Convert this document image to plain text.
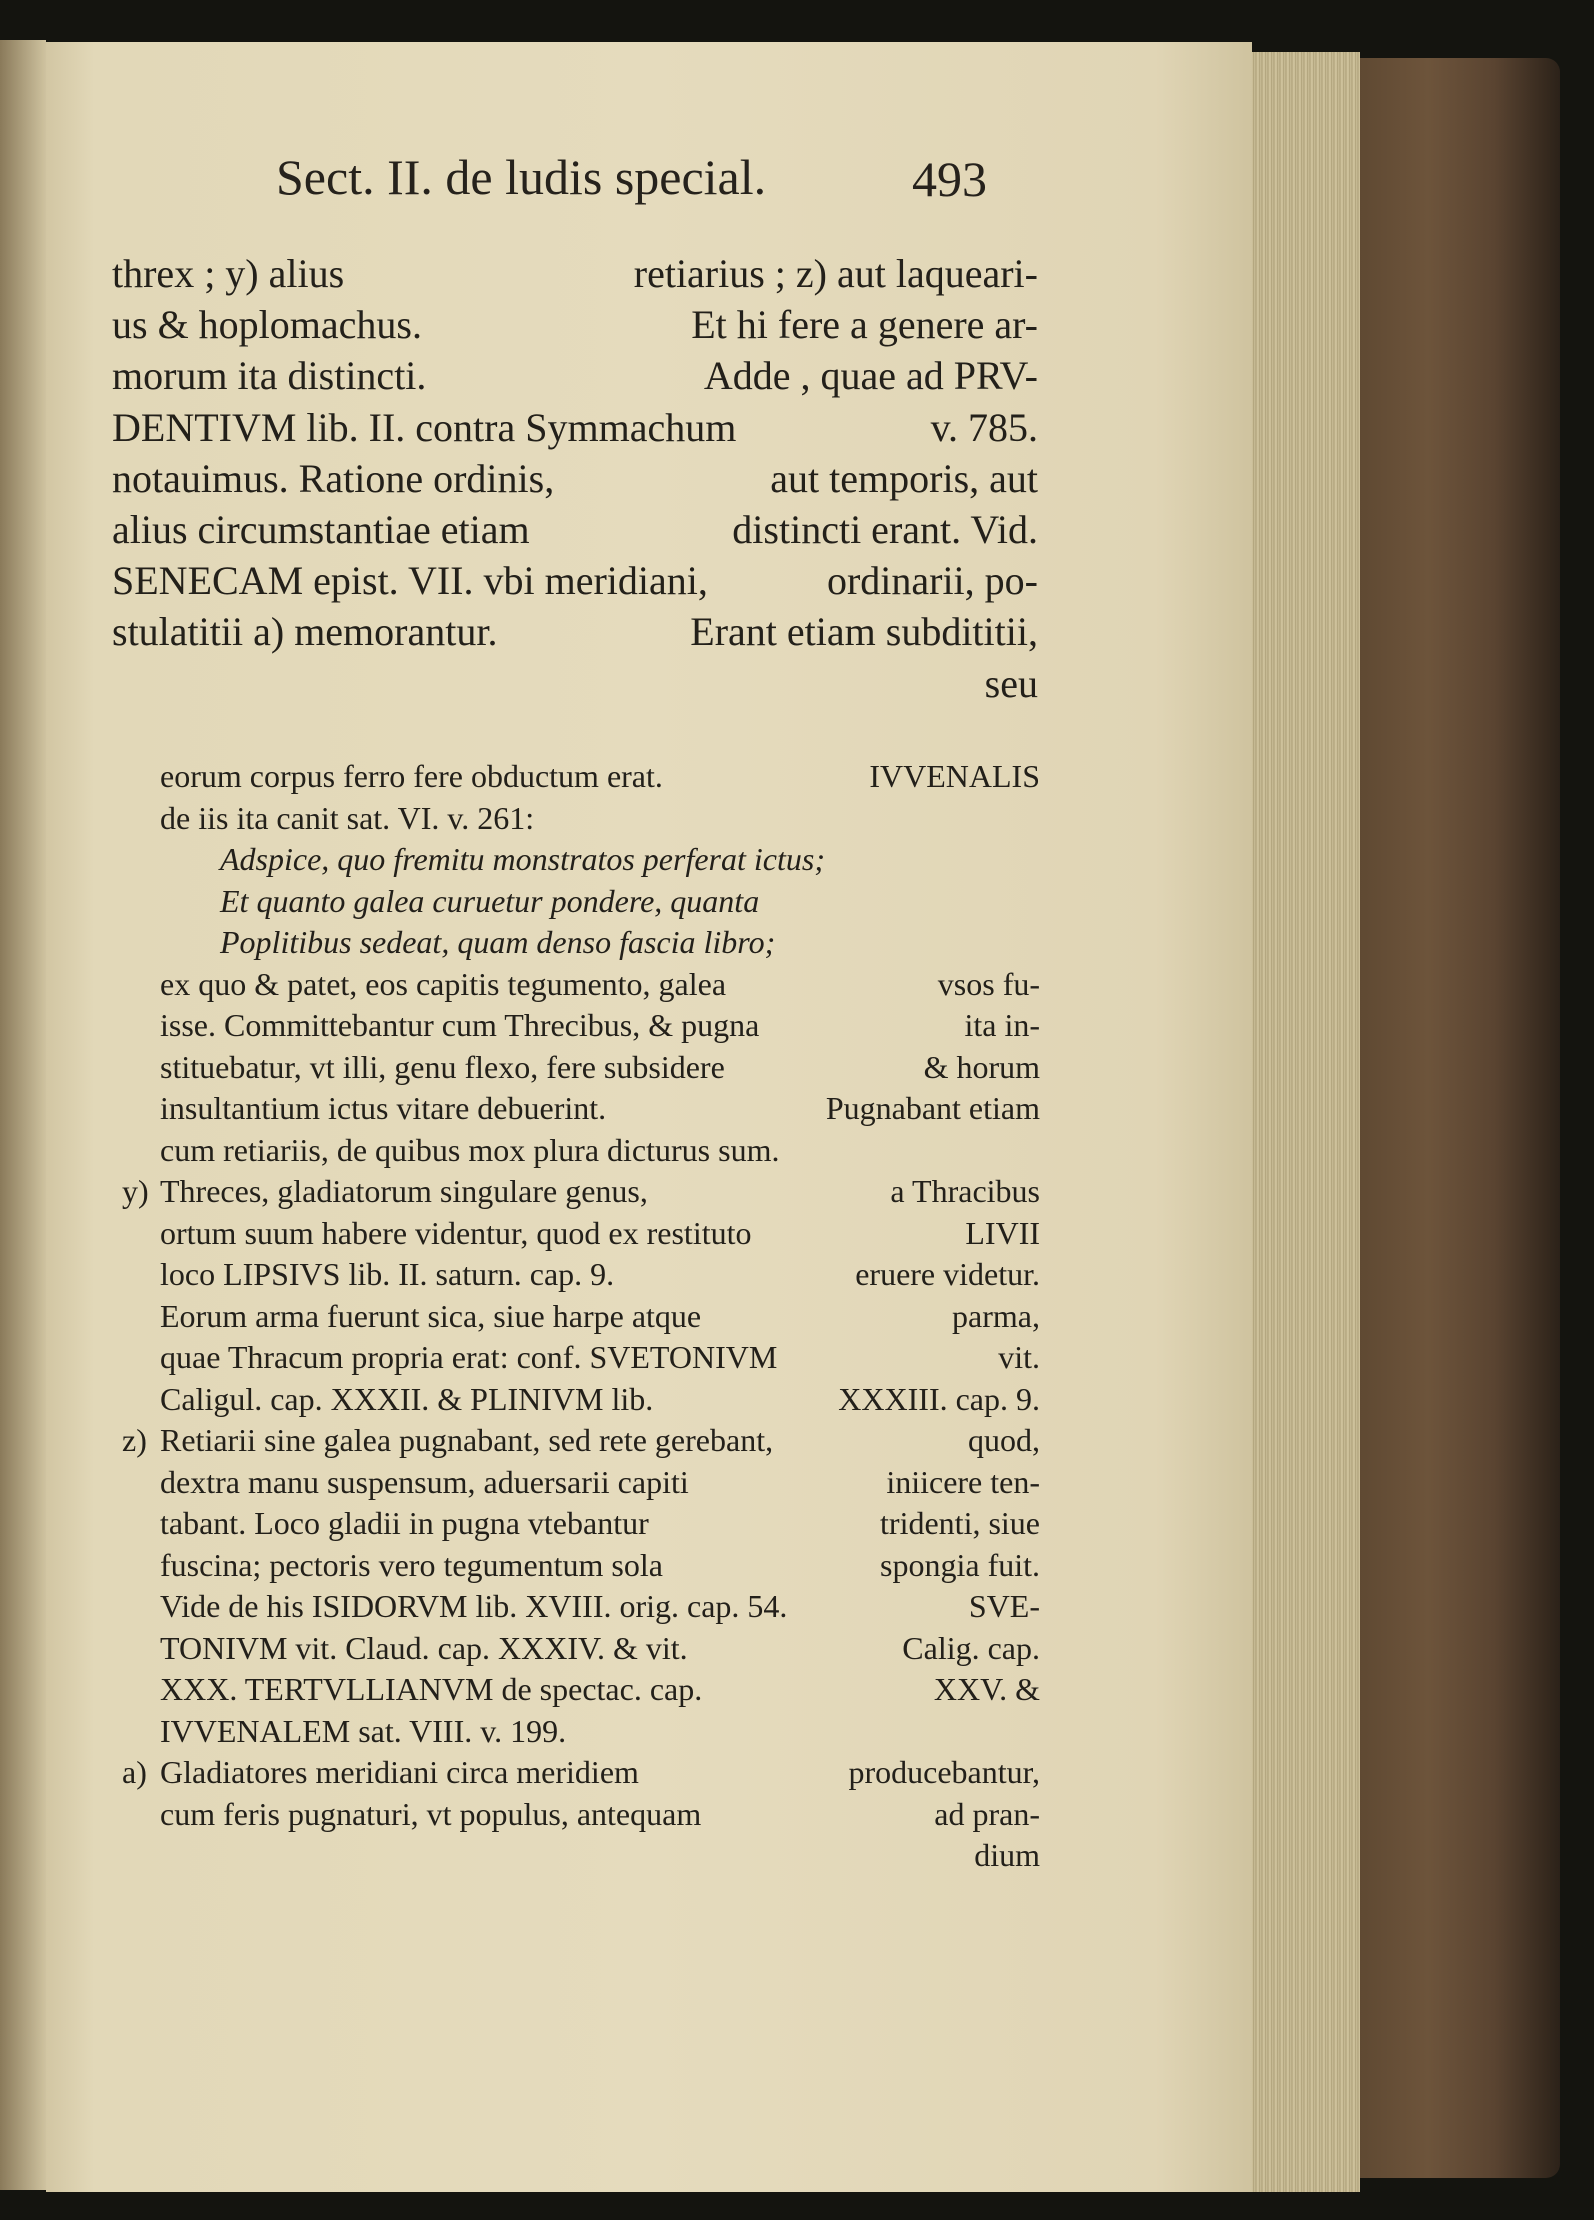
Sect. II. de ludis special.	493
threx ; y) alius	retiarius ; z) aut laqueari-
us & hoplomachus.	Et hi fere a genere ar-
morum ita distincti.	Adde , quae ad PRV-
DENTIVM lib. II. contra Symmachum	v. 785.
notauimus. Ratione ordinis,	aut temporis, aut
alius circumstantiae etiam	distincti erant. Vid.
SENECAM epist. VII. vbi meridiani,	ordinarii, po-
stulatitii a) memorantur.	Erant etiam subdititii,
seu
eorum corpus ferro fere obductum erat.	IVVENALIS
de iis ita canit sat. VI. v. 261:
Adspice, quo fremitu monstratos perferat ictus;
Et quanto galea curuetur pondere, quanta
Poplitibus sedeat, quam denso fascia libro;
ex quo & patet, eos capitis tegumento, galea	vsos fu-
isse. Committebantur cum Threcibus, & pugna	ita in-
stituebatur, vt illi, genu flexo, fere subsidere	& horum
insultantium ictus vitare debuerint.	Pugnabant etiam
cum retiariis, de quibus mox plura dicturus sum.
y) Threces, gladiatorum singulare genus,	a Thracibus
ortum suum habere videntur, quod ex restituto	LIVII
loco LIPSIVS lib. II. saturn. cap. 9.	eruere videtur.
Eorum arma fuerunt sica, siue harpe atque	parma,
quae Thracum propria erat: conf. SVETONIVM	vit.
Caligul. cap. XXXII. & PLINIVM lib.	XXXIII. cap. 9.
z) Retiarii sine galea pugnabant, sed rete gerebant,	quod,
dextra manu suspensum, aduersarii capiti	iniicere ten-
tabant. Loco gladii in pugna vtebantur	tridenti, siue
fuscina; pectoris vero tegumentum sola	spongia fuit.
Vide de his ISIDORVM lib. XVIII. orig. cap. 54.	SVE-
TONIVM vit. Claud. cap. XXXIV. & vit.	Calig. cap.
XXX. TERTVLLIANVM de spectac. cap.	XXV. &
IVVENALEM sat. VIII. v. 199.
a) Gladiatores meridiani circa meridiem	producebantur,
cum feris pugnaturi, vt populus, antequam	ad pran-
dium
